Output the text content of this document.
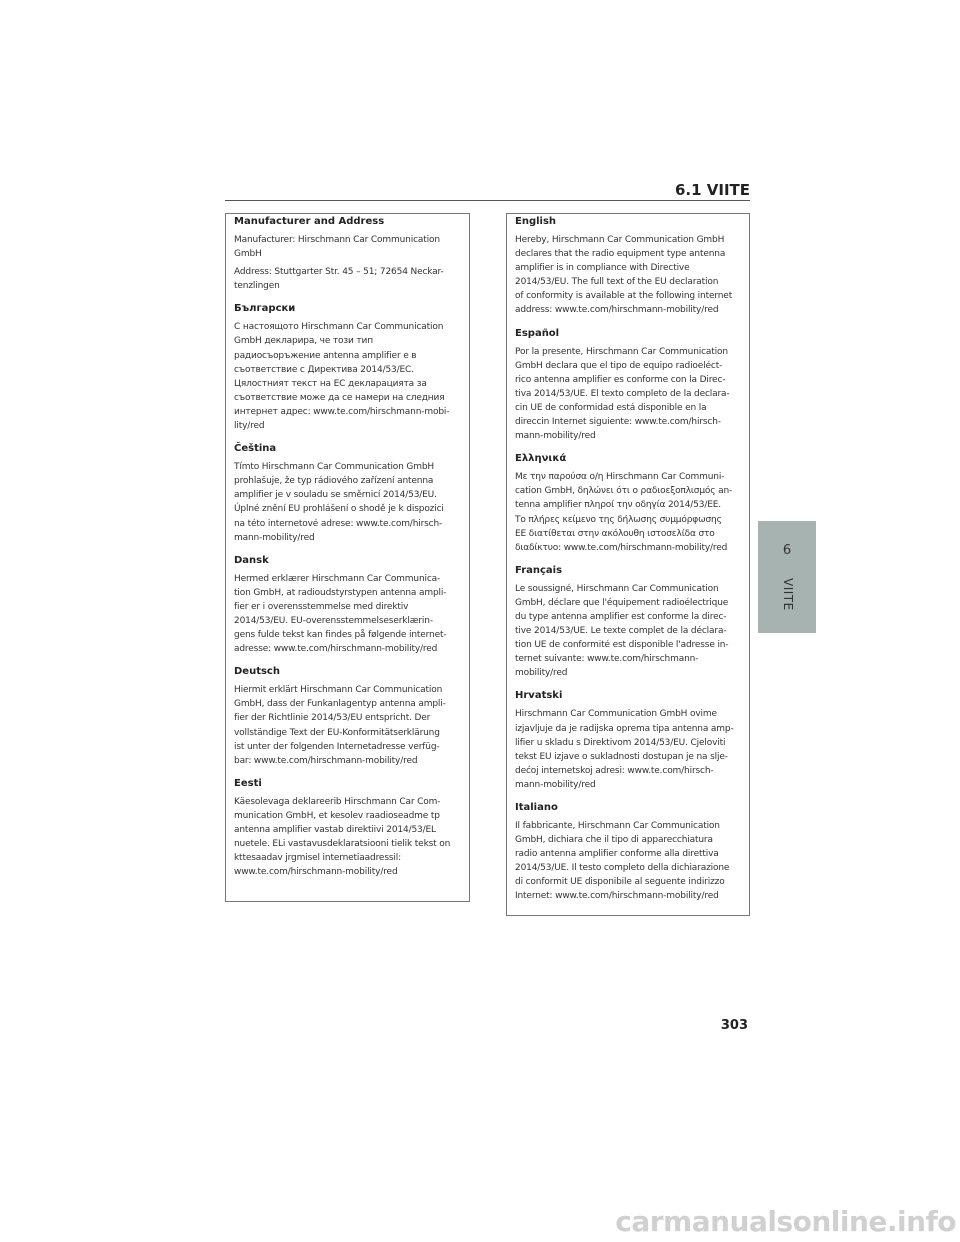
6.1 VIITE
Manufacturer and Address

Manufacturer: Hirschmann Car Communication
GmbH

Address: Stuttgarter Str. 45 – 51; 72654 Neckar-
tenzlingen

Български

С настоящото Hirschmann Car Communication
GmbH декларира, че този тип
радиосъоръжение antenna amplifier е в
съответствие с Директива 2014/53/ЕС.
Цялостният текст на ЕС декларацията за
съответствие може да се намери на следния
интернет адрес: www.te.com/hirschmann-mobi-
lity/red

Čeština

Tímto Hirschmann Car Communication GmbH
prohlašuje, že typ rádiového zařízení antenna
amplifier je v souladu se směrnicí 2014/53/EU.
Úplné znění EU prohlášení o shodě je k dispozici
na této internetové adrese: www.te.com/hirsch-
mann-mobility/red

Dansk

Hermed erklærer Hirschmann Car Communica-
tion GmbH, at radioudstyrstypen antenna ampli-
fier er i overensstemmelse med direktiv
2014/53/EU. EU-overensstemmelseserklærin-
gens fulde tekst kan findes på følgende internet-
adresse: www.te.com/hirschmann-mobility/red

Deutsch

Hiermit erklärt Hirschmann Car Communication
GmbH, dass der Funkanlagentyp antenna ampli-
fier der Richtlinie 2014/53/EU entspricht. Der
vollständige Text der EU-Konformitätserklärung
ist unter der folgenden Internetadresse verfüg-
bar: www.te.com/hirschmann-mobility/red

Eesti

Käesolevaga deklareerib Hirschmann Car Com-
munication GmbH, et kesolev raadioseadme tp
antenna amplifier vastab direktiivi 2014/53/EL
nuetele. ELi vastavusdeklaratsiooni tielik tekst on
kttesaadav jrgmisel internetiaadressil:
www.te.com/hirschmann-mobility/red

English

Hereby, Hirschmann Car Communication GmbH
declares that the radio equipment type antenna
amplifier is in compliance with Directive
2014/53/EU. The full text of the EU declaration
of conformity is available at the following internet
address: www.te.com/hirschmann-mobility/red

Español

Por la presente, Hirschmann Car Communication
GmbH declara que el tipo de equipo radioeléct-
rico antenna amplifier es conforme con la Direc-
tiva 2014/53/UE. El texto completo de la declara-
cin UE de conformidad está disponible en la
direccin Internet siguiente: www.te.com/hirsch-
mann-mobility/red

Ελληνικά

Με την παρούσα ο/η Hirschmann Car Communi-
cation GmbH, δηλώνει ότι ο ραδιοεξοπλισμός an-
tenna amplifier πληροί την οδηγία 2014/53/ΕΕ.
Το πλήρες κείμενο της δήλωσης συμμόρφωσης
ΕΕ διατίθεται στην ακόλουθη ιστοσελίδα στο
διαδίκτυο: www.te.com/hirschmann-mobility/red

Français

Le soussigné, Hirschmann Car Communication
GmbH, déclare que l'équipement radioélectrique
du type antenna amplifier est conforme la direc-
tive 2014/53/UE. Le texte complet de la déclara-
tion UE de conformité est disponible l'adresse in-
ternet suivante: www.te.com/hirschmann-
mobility/red

Hrvatski

Hirschmann Car Communication GmbH ovime
izjavljuje da je radijska oprema tipa antenna amp-
lifier u skladu s Direktivom 2014/53/EU. Cjeloviti
tekst EU izjave o sukladnosti dostupan je na slje-
dećoj internetskoj adresi: www.te.com/hirsch-
mann-mobility/red

Italiano

Il fabbricante, Hirschmann Car Communication
GmbH, dichiara che il tipo di apparecchiatura
radio antenna amplifier conforme alla direttiva
2014/53/UE. Il testo completo della dichiarazione
di conformit UE disponibile al seguente indirizzo
Internet: www.te.com/hirschmann-mobility/red

6
VIITE
303
carmanualsonline.info
